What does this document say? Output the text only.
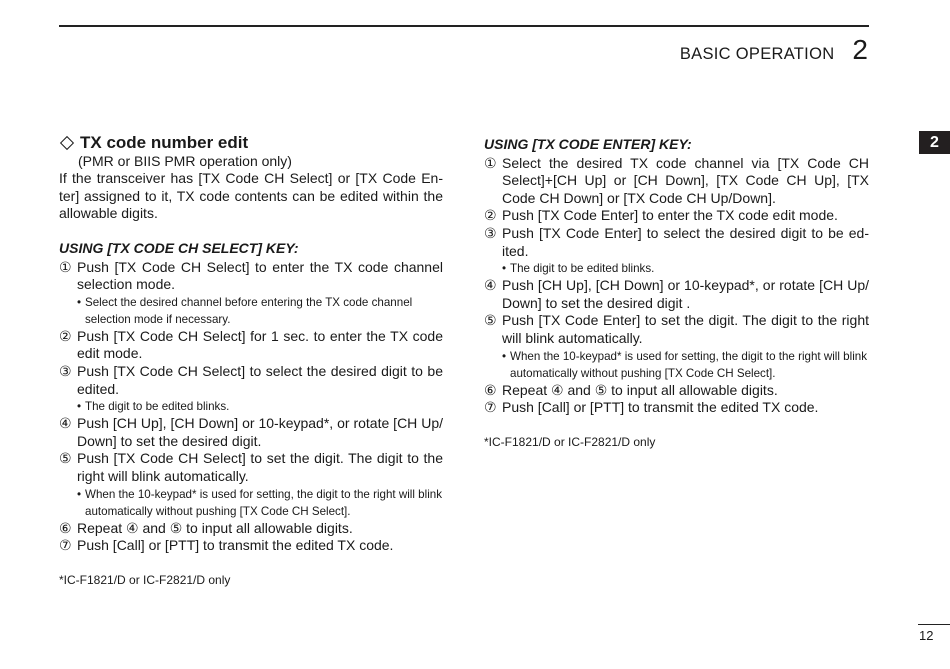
BASIC OPERATION 2
2
TX code number edit
(PMR or BIIS PMR operation only)

If the transceiver has [TX Code CH Select] or [TX Code Enter] assigned to it, TX code contents can be edited within the allowable digits.

USING [TX CODE CH SELECT] KEY:
① Push [TX Code CH Select] to enter the TX code channel selection mode.
• Select the desired channel before entering the TX code channel selection mode if necessary.
② Push [TX Code CH Select] for 1 sec. to enter the TX code edit mode.
③ Push [TX Code CH Select] to select the desired digit to be edited.
• The digit to be edited blinks.
④ Push [CH Up], [CH Down] or 10-keypad*, or rotate [CH Up/ Down] to set the desired digit.
⑤ Push [TX Code CH Select] to set the digit. The digit to the right will blink automatically.
• When the 10-keypad* is used for setting, the digit to the right will blink automatically without pushing [TX Code CH Select].
⑥ Repeat ④ and ⑤ to input all allowable digits.
⑦ Push [Call] or [PTT] to transmit the edited TX code.
*IC-F1821/D or IC-F2821/D only
USING [TX CODE ENTER] KEY:
① Select the desired TX code channel via [TX Code CH Select]+[CH Up] or [CH Down], [TX Code CH Up], [TX Code CH Down] or [TX Code CH Up/Down].
② Push [TX Code Enter] to enter the TX code edit mode.
③ Push [TX Code Enter] to select the desired digit to be edited.
• The digit to be edited blinks.
④ Push [CH Up], [CH Down] or 10-keypad*, or rotate [CH Up/ Down] to set the desired digit .
⑤ Push [TX Code Enter] to set the digit. The digit to the right will blink automatically.
• When the 10-keypad* is used for setting, the digit to the right will blink automatically without pushing [TX Code CH Select].
⑥ Repeat ④ and ⑤ to input all allowable digits.
⑦ Push [Call] or [PTT] to transmit the edited TX code.
*IC-F1821/D or IC-F2821/D only
12
